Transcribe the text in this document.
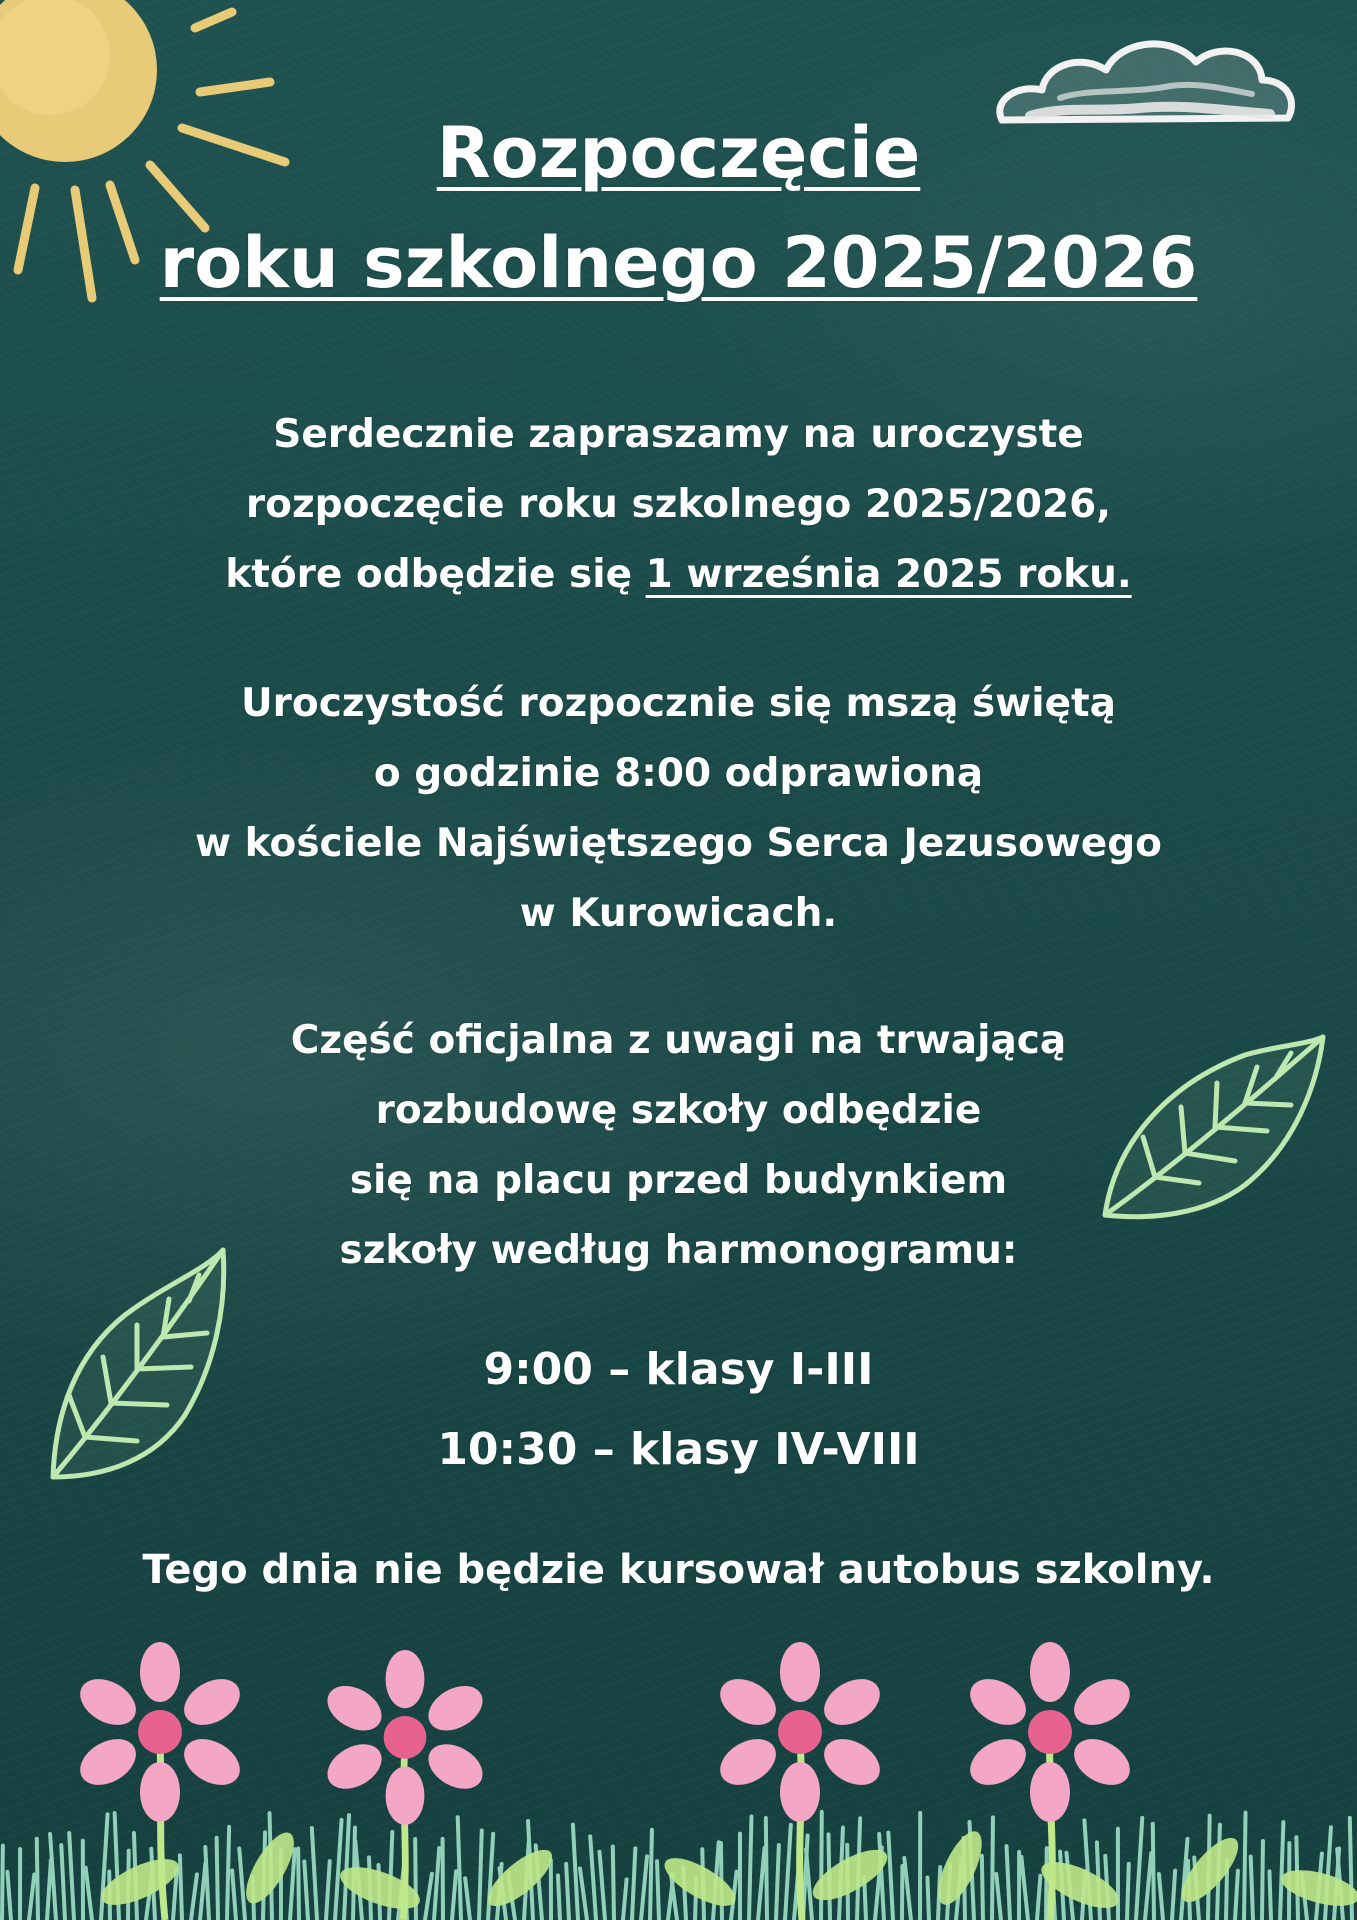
Rozpoczęcie
roku szkolnego 2025/2026

Serdecznie zapraszamy na uroczyste
rozpoczęcie roku szkolnego 2025/2026,
które odbędzie się 1 września 2025 roku.

Uroczystość rozpocznie się mszą świętą
o godzinie 8:00 odprawioną
w kościele Najświętszego Serca Jezusowego
w Kurowicach.

Część oficjalna z uwagi na trwającą
rozbudowę szkoły odbędzie
się na placu przed budynkiem
szkoły według harmonogramu:

9:00 – klasy I-III
10:30 – klasy IV-VIII

Tego dnia nie będzie kursował autobus szkolny.
